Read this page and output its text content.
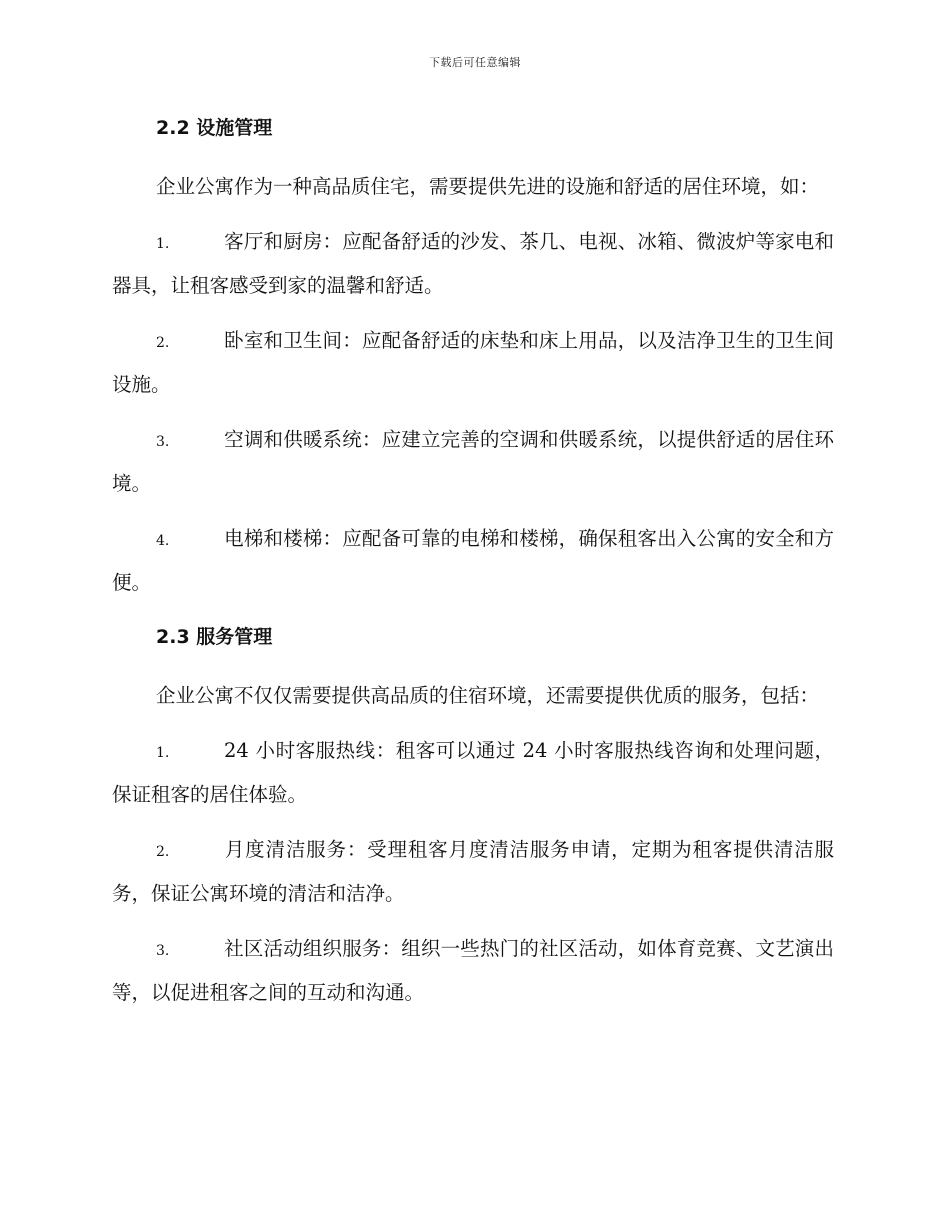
下载后可任意编辑
2.2 设施管理

企业公寓作为一种高品质住宅，需要提供先进的设施和舒适的居住环境，如：

1.	客厅和厨房：应配备舒适的沙发、茶几、电视、冰箱、微波炉等家电和器具，让租客感受到家的温馨和舒适。

2.	卧室和卫生间：应配备舒适的床垫和床上用品，以及洁净卫生的卫生间设施。

3.	空调和供暖系统：应建立完善的空调和供暖系统，以提供舒适的居住环境。

4.	电梯和楼梯：应配备可靠的电梯和楼梯，确保租客出入公寓的安全和方便。

2.3 服务管理

企业公寓不仅仅需要提供高品质的住宿环境，还需要提供优质的服务，包括：

1.	24 小时客服热线：租客可以通过 24 小时客服热线咨询和处理问题，保证租客的居住体验。

2.	月度清洁服务：受理租客月度清洁服务申请，定期为租客提供清洁服务，保证公寓环境的清洁和洁净。

3.	社区活动组织服务：组织一些热门的社区活动，如体育竞赛、文艺演出等，以促进租客之间的互动和沟通。
